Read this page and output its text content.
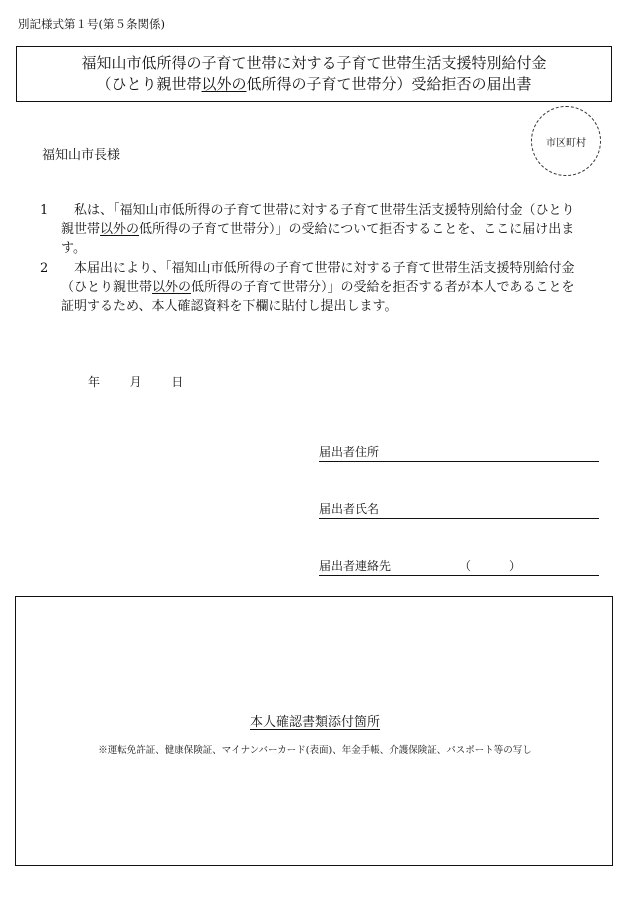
別記様式第１号(第５条関係)
福知山市低所得の子育て世帯に対する子育て世帯生活支援特別給付金
（ひとり親世帯以外の低所得の子育て世帯分）受給拒否の届出書
市区町村
福知山市長様
1	私は、「福知山市低所得の子育て世帯に対する子育て世帯生活支援特別給付金（ひとり親世帯以外の低所得の子育て世帯分）」の受給について拒否することを、ここに届け出ます。
2	本届出により、「福知山市低所得の子育て世帯に対する子育て世帯生活支援特別給付金（ひとり親世帯以外の低所得の子育て世帯分）」の受給を拒否する者が本人であることを証明するため、本人確認資料を下欄に貼付し提出します。
年 月 日
届出者住所
届出者氏名
届出者連絡先	（	）
本人確認書類添付箇所
※運転免許証、健康保険証、マイナンバーカード(表面)、年金手帳、介護保険証、パスポート等の写し
